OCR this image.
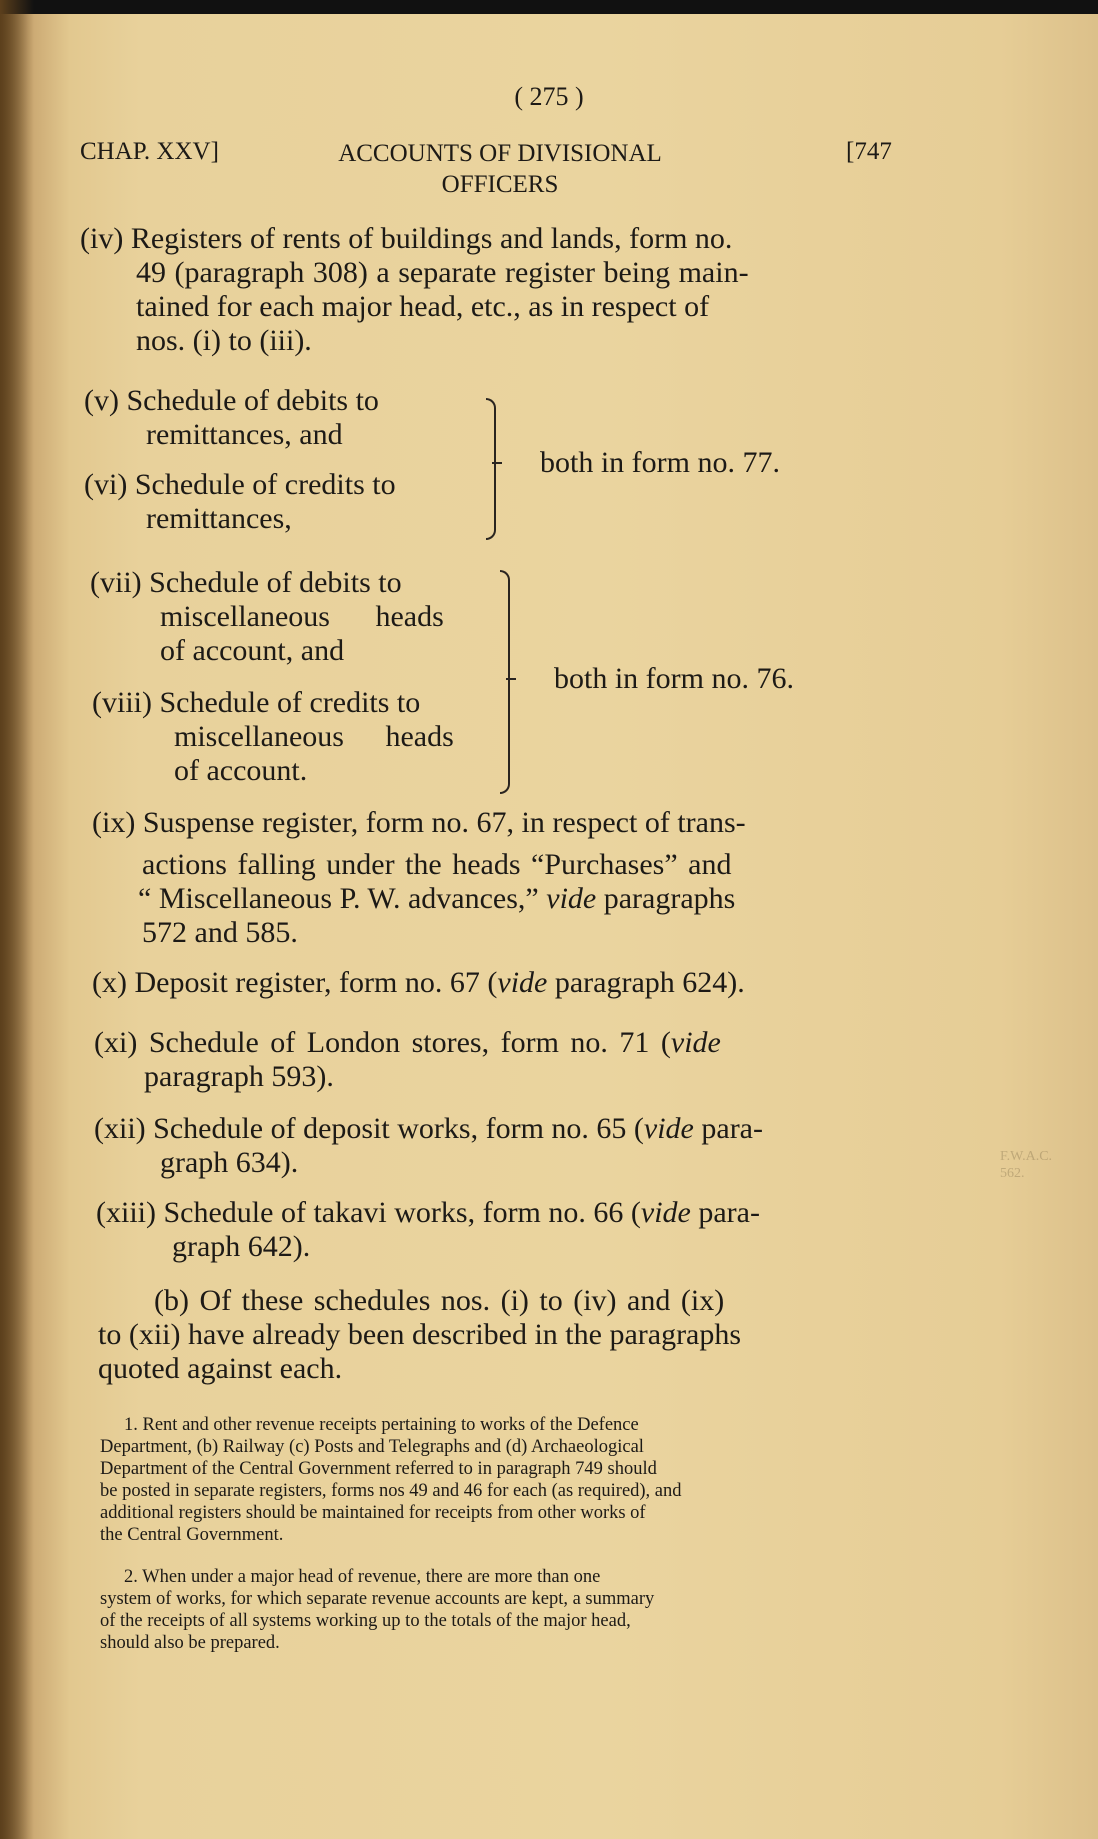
( 275 )

CHAP. XXV]	ACCOUNTS OF DIVISIONAL
OFFICERS

[747

(iv) Registers of rents of buildings and lands, form no.

49 (paragraph 308) a separate register being main-

tained for each major head, etc., as in respect of

nos. (i) to (iii).

(v) Schedule of debits to

remittances, and

(vi) Schedule of credits to

remittances,

both in form no. 77.

(vii) Schedule of debits to

miscellaneous heads

of account, and

(viii) Schedule of credits to

miscellaneous heads

of account.

both in form no. 76.

(ix) Suspense register, form no. 67, in respect of trans-

actions falling under the heads “Purchases” and

“ Miscellaneous P. W. advances,” vide paragraphs

572 and 585.

(x) Deposit register, form no. 67 (vide paragraph 624).

(xi) Schedule of London stores, form no. 71 (vide

paragraph 593).

(xii) Schedule of deposit works, form no. 65 (vide para-

graph 634).

(xiii) Schedule of takavi works, form no. 66 (vide para-

graph 642).

(b) Of these schedules nos. (i) to (iv) and (ix)

to (xii) have already been described in the paragraphs

quoted against each.

1. Rent and other revenue receipts pertaining to works of the Defence

Department, (b) Railway (c) Posts and Telegraphs and (d) Archaeological

Department of the Central Government referred to in paragraph 749 should

be posted in separate registers, forms nos 49 and 46 for each (as required), and

additional registers should be maintained for receipts from other works of

the Central Government.

2. When under a major head of revenue, there are more than one

system of works, for which separate revenue accounts are kept, a summary

of the receipts of all systems working up to the totals of the major head,

should also be prepared.

F.W.A.C. 562.
